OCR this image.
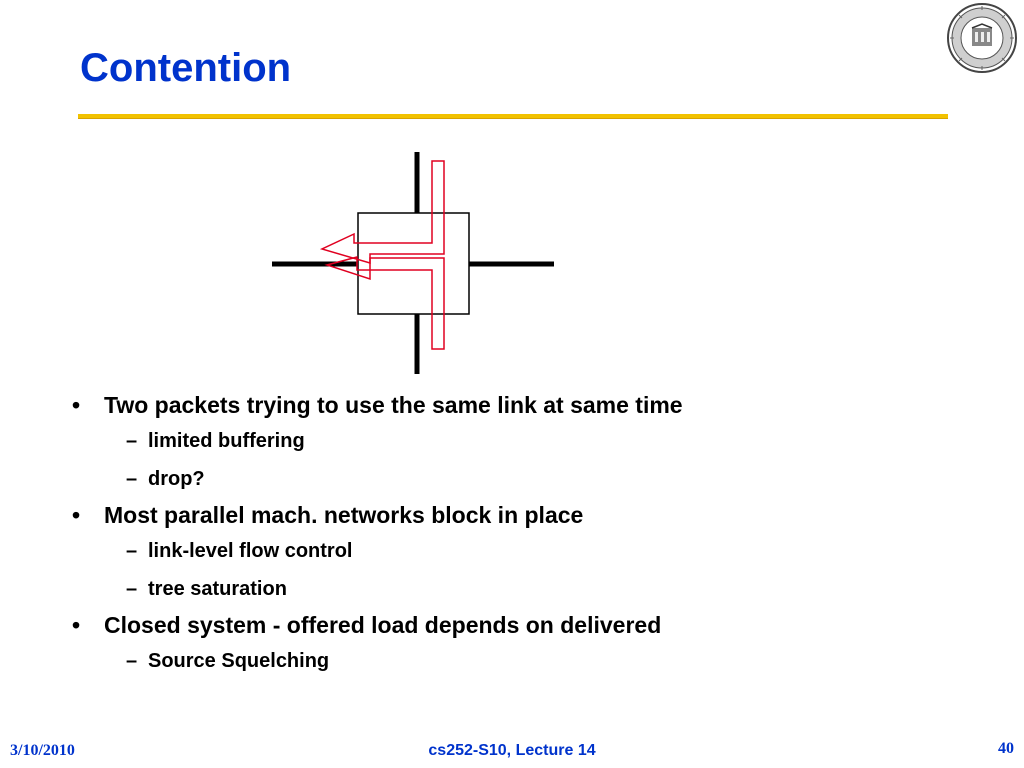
Contention
• Two packets trying to use the same link at same time
– limited buffering
– drop?
• Most parallel mach. networks block in place
– link-level flow control
– tree saturation
• Closed system - offered load depends on delivered
– Source Squelching
3/10/2010	cs252-S10, Lecture 14	40
